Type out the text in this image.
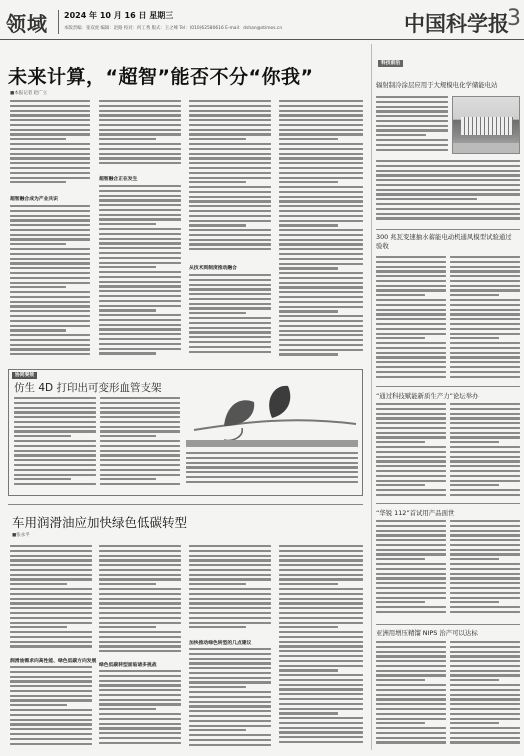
领域 2024 年 10 月 16 日 星期三
本版责编：张双虎 编辑：赵路 校对：何工秀 版式：王之峰 Tel：(010)62580616 E-mail：dshan@stimes.cn	中国科学报
3
未来计算，“超智”能否不分“你我”
■本报记者 赵广立
超智融合成为产业共识
超智融合正在发生
从技术到制度推动融合
协同奏效
仿生 4D 打印出可变形血管支架
车用润滑油应加快绿色低碳转型
■张永平
润滑油需求向高性能、绿色低碳方向发展
绿色低碳转型面临诸多挑战
加快推动绿色转型的几点建议
科技前沿
辐射制冷涂层应用于大规模电化学储能电站
300 兆瓦变速抽水蓄能电动机通风模型试验通过验收
“通过科技赋能新质生产力”论坛举办
“华锐 112”首试用产品面世
亚洲用增压精馏 NIPS 治产可以达标
